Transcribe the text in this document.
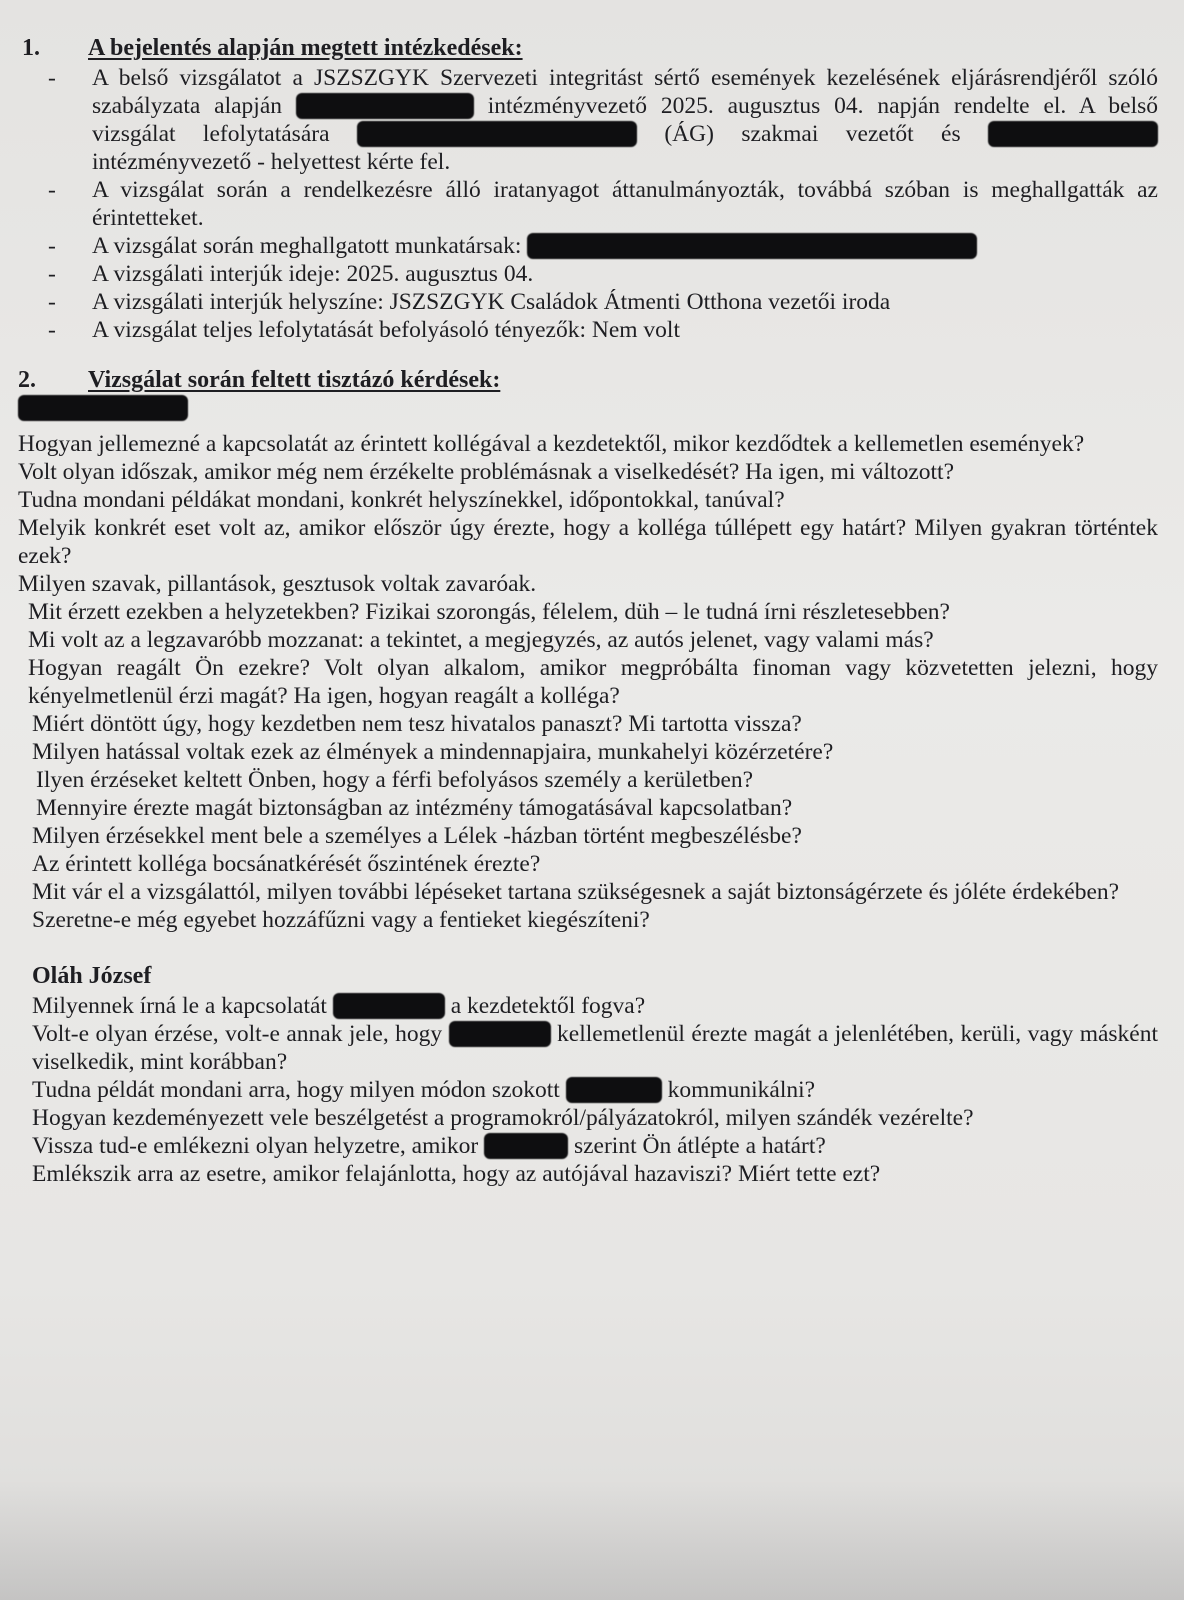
1.	A bejelentés alapján megtett intézkedések:
- A belső vizsgálatot a JSZSZGYK Szervezeti integritást sértő események kezelésének eljárásrendjéről szóló szabályzata alapján	intézményvezető 2025. augusztus 04. napján rendelte el. A belső vizsgálat lefolytatására	(ÁG) szakmai vezetőt és  intézményvezető - helyettest kérte fel.
- A vizsgálat során a rendelkezésre álló iratanyagot áttanulmányozták, továbbá szóban is meghallgatták az érintetteket.
- A vizsgálat során meghallgatott munkatársak:
- A vizsgálati interjúk ideje: 2025. augusztus 04.
- A vizsgálati interjúk helyszíne: JSZSZGYK Családok Átmenti Otthona vezetői iroda
- A vizsgálat teljes lefolytatását befolyásoló tényezők: Nem volt
2.	Vizsgálat során feltett tisztázó kérdések:

Hogyan jellemezné a kapcsolatát az érintett kollégával a kezdetektől, mikor kezdődtek a kellemetlen események?

Volt olyan időszak, amikor még nem érzékelte problémásnak a viselkedését? Ha igen, mi változott?

Tudna mondani példákat mondani, konkrét helyszínekkel, időpontokkal, tanúval?

Melyik konkrét eset volt az, amikor először úgy érezte, hogy a kolléga túllépett egy határt? Milyen gyakran történtek ezek?

Milyen szavak, pillantások, gesztusok voltak zavaróak.

Mit érzett ezekben a helyzetekben? Fizikai szorongás, félelem, düh – le tudná írni részletesebben?

Mi volt az a legzavaróbb mozzanat: a tekintet, a megjegyzés, az autós jelenet, vagy valami más?

Hogyan reagált Ön ezekre? Volt olyan alkalom, amikor megpróbálta finoman vagy közvetetten jelezni, hogy kényelmetlenül érzi magát? Ha igen, hogyan reagált a kolléga?

Miért döntött úgy, hogy kezdetben nem tesz hivatalos panaszt? Mi tartotta vissza?

Milyen hatással voltak ezek az élmények a mindennapjaira, munkahelyi közérzetére?

Ilyen érzéseket keltett Önben, hogy a férfi befolyásos személy a kerületben?

Mennyire érezte magát biztonságban az intézmény támogatásával kapcsolatban?

Milyen érzésekkel ment bele a személyes a Lélek -házban történt megbeszélésbe?

Az érintett kolléga bocsánatkérését őszintének érezte?

Mit vár el a vizsgálattól, milyen további lépéseket tartana szükségesnek a saját biztonságérzete és jóléte érdekében?

Szeretne-e még egyebet hozzáfűzni vagy a fentieket kiegészíteni?

Oláh József

Milyennek írná le a kapcsolatát	a kezdetektől fogva?

Volt-e olyan érzése, volt-e annak jele, hogy	kellemetlenül érezte magát a jelenlétében, kerüli, vagy másként viselkedik, mint korábban?

Tudna példát mondani arra, hogy milyen módon szokott	kommunikálni?

Hogyan kezdeményezett vele beszélgetést a programokról/pályázatokról, milyen szándék vezérelte?

Vissza tud-e emlékezni olyan helyzetre, amikor	szerint Ön átlépte a határt?

Emlékszik arra az esetre, amikor felajánlotta, hogy az autójával hazaviszi? Miért tette ezt?
